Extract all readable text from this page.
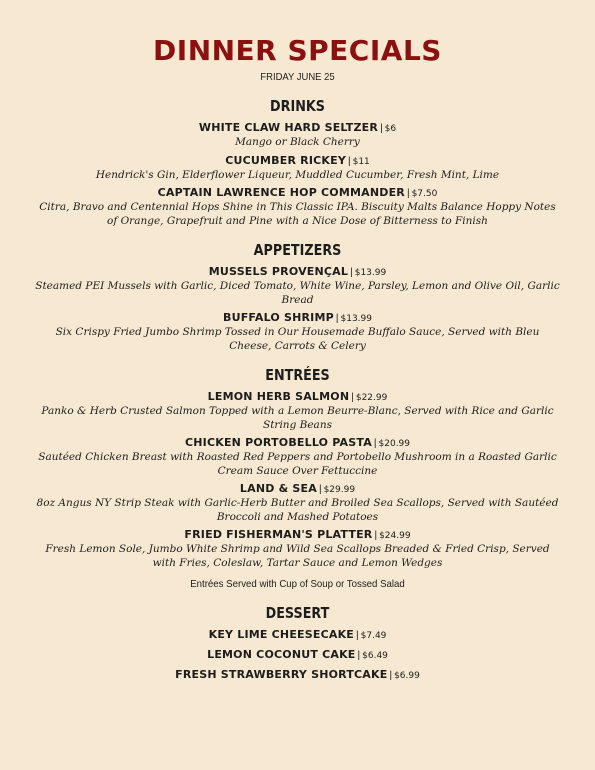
DINNER SPECIALS
FRIDAY JUNE 25
DRINKS
WHITE CLAW HARD SELTZER | $6
Mango or Black Cherry
CUCUMBER RICKEY | $11
Hendrick's Gin, Elderflower Liqueur, Muddled Cucumber, Fresh Mint, Lime
CAPTAIN LAWRENCE HOP COMMANDER | $7.50
Citra, Bravo and Centennial Hops Shine in This Classic IPA. Biscuity Malts Balance Hoppy Notes of Orange, Grapefruit and Pine with a Nice Dose of Bitterness to Finish
APPETIZERS
MUSSELS PROVENÇAL | $13.99
Steamed PEI Mussels with Garlic, Diced Tomato, White Wine, Parsley, Lemon and Olive Oil, Garlic Bread
BUFFALO SHRIMP | $13.99
Six Crispy Fried Jumbo Shrimp Tossed in Our Housemade Buffalo Sauce, Served with Bleu Cheese, Carrots & Celery
ENTRÉES
LEMON HERB SALMON | $22.99
Panko & Herb Crusted Salmon Topped with a Lemon Beurre-Blanc, Served with Rice and Garlic String Beans
CHICKEN PORTOBELLO PASTA | $20.99
Sautéed Chicken Breast with Roasted Red Peppers and Portobello Mushroom in a Roasted Garlic Cream Sauce Over Fettuccine
LAND & SEA | $29.99
8oz Angus NY Strip Steak with Garlic-Herb Butter and Broiled Sea Scallops, Served with Sautéed Broccoli and Mashed Potatoes
FRIED FISHERMAN'S PLATTER | $24.99
Fresh Lemon Sole, Jumbo White Shrimp and Wild Sea Scallops Breaded & Fried Crisp, Served with Fries, Coleslaw, Tartar Sauce and Lemon Wedges
Entrées Served with Cup of Soup or Tossed Salad
DESSERT
KEY LIME CHEESECAKE | $7.49
LEMON COCONUT CAKE | $6.49
FRESH STRAWBERRY SHORTCAKE | $6.99
